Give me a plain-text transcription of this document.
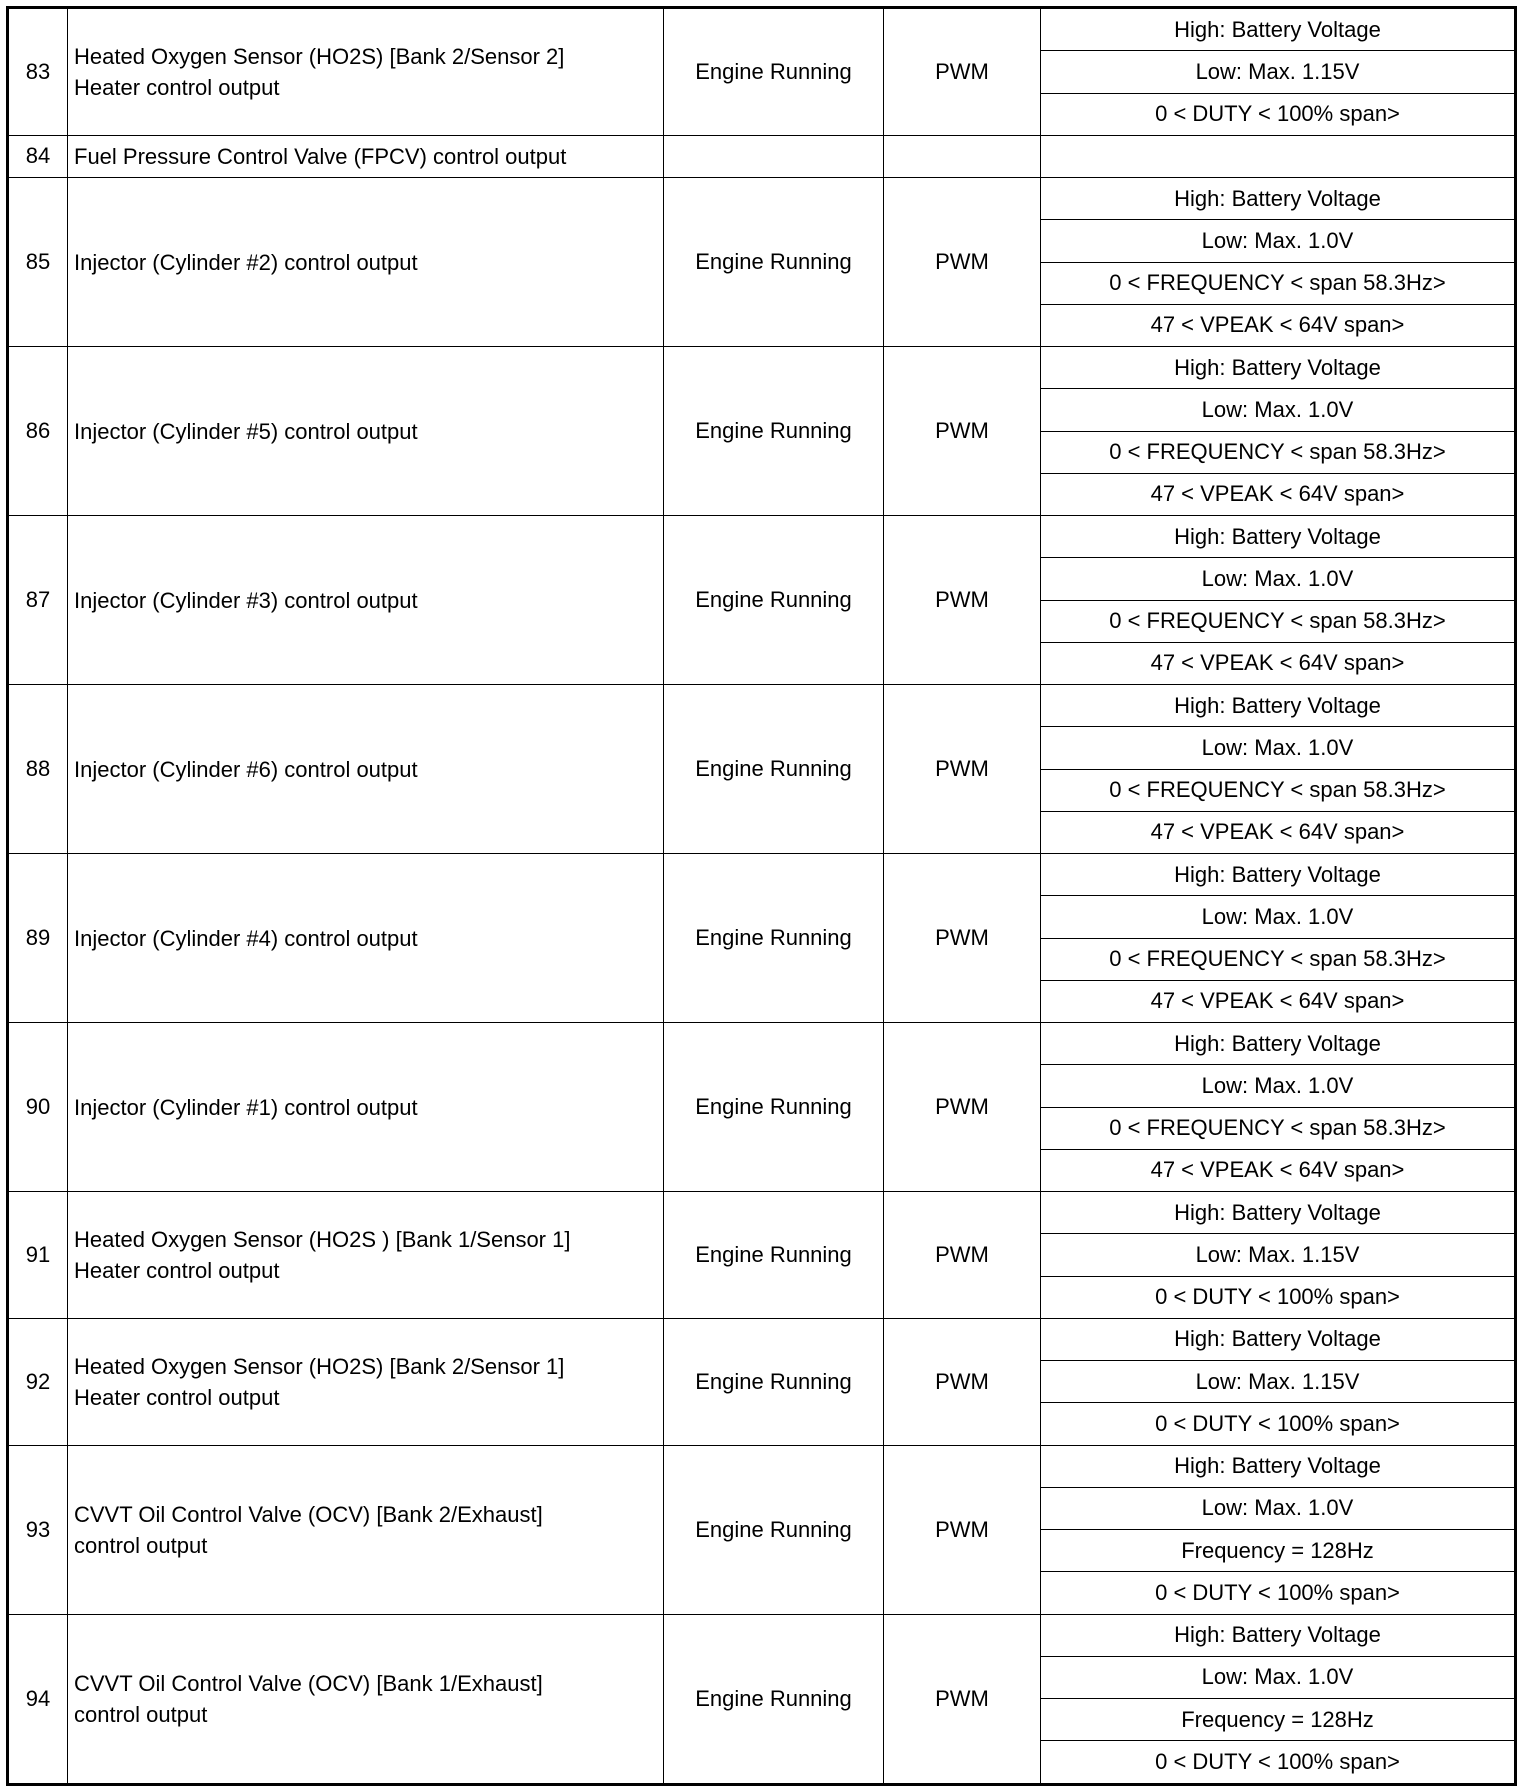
83	Heated Oxygen Sensor (HO2S) [Bank 2/Sensor 2]
Heater control output	Engine Running	PWM	High: Battery Voltage
				Low: Max. 1.15V
				0 < DUTY < 100% span>
84	Fuel Pressure Control Valve (FPCV) control output			

85	Injector (Cylinder #2) control output	Engine Running	PWM	High: Battery Voltage
				Low: Max. 1.0V
				0 < FREQUENCY < span 58.3Hz>
				47 < VPEAK < 64V span>
86	Injector (Cylinder #5) control output	Engine Running	PWM	High: Battery Voltage
				Low: Max. 1.0V
				0 < FREQUENCY < span 58.3Hz>
				47 < VPEAK < 64V span>
87	Injector (Cylinder #3) control output	Engine Running	PWM	High: Battery Voltage
				Low: Max. 1.0V
				0 < FREQUENCY < span 58.3Hz>
				47 < VPEAK < 64V span>
88	Injector (Cylinder #6) control output	Engine Running	PWM	High: Battery Voltage
				Low: Max. 1.0V
				0 < FREQUENCY < span 58.3Hz>
				47 < VPEAK < 64V span>
89	Injector (Cylinder #4) control output	Engine Running	PWM	High: Battery Voltage
				Low: Max. 1.0V
				0 < FREQUENCY < span 58.3Hz>
				47 < VPEAK < 64V span>
90	Injector (Cylinder #1) control output	Engine Running	PWM	High: Battery Voltage
				Low: Max. 1.0V
				0 < FREQUENCY < span 58.3Hz>
				47 < VPEAK < 64V span>
91	Heated Oxygen Sensor (HO2S ) [Bank 1/Sensor 1]
Heater control output	Engine Running	PWM	High: Battery Voltage
				Low: Max. 1.15V
				0 < DUTY < 100% span>
92	Heated Oxygen Sensor (HO2S) [Bank 2/Sensor 1]
Heater control output	Engine Running	PWM	High: Battery Voltage
				Low: Max. 1.15V
				0 < DUTY < 100% span>
93	CVVT Oil Control Valve (OCV) [Bank 2/Exhaust]
control output	Engine Running	PWM	High: Battery Voltage
				Low: Max. 1.0V
				Frequency = 128Hz
				0 < DUTY < 100% span>
94	CVVT Oil Control Valve (OCV) [Bank 1/Exhaust]
control output	Engine Running	PWM	High: Battery Voltage
				Low: Max. 1.0V
				Frequency = 128Hz
				0 < DUTY < 100% span>
